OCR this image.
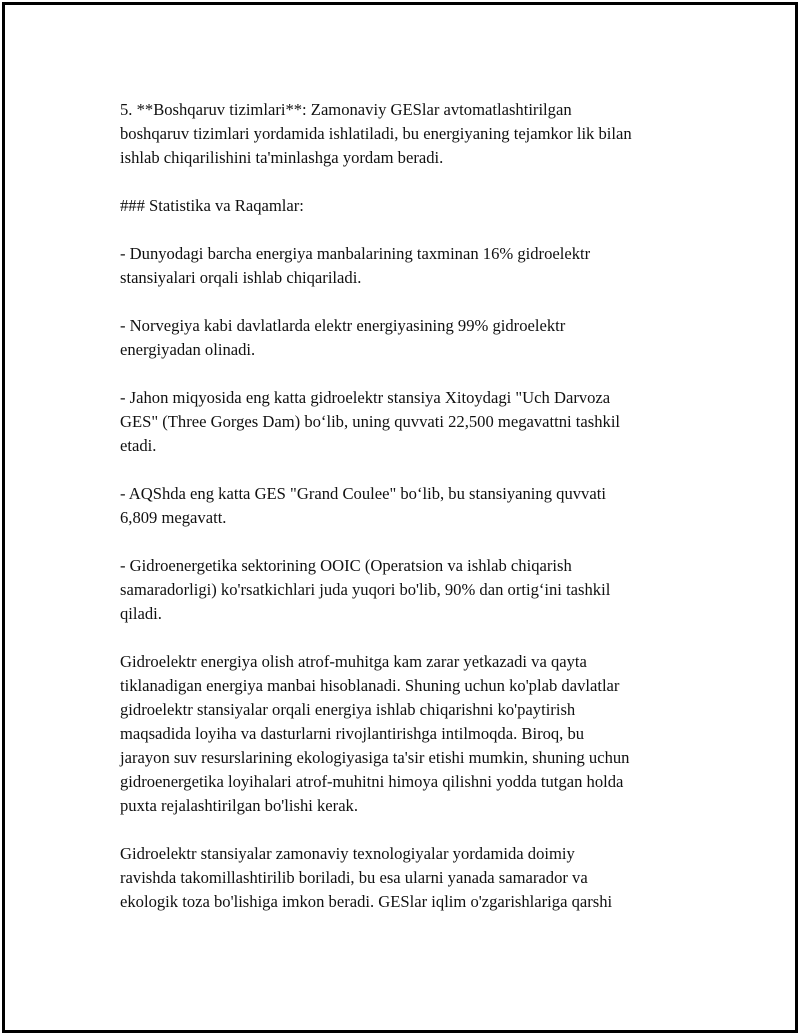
5. **Boshqaruv tizimlari**: Zamonaviy GESlar avtomatlashtirilgan
boshqaruv tizimlari yordamida ishlatiladi, bu energiyaning tejamkor lik bilan
ishlab chiqarilishini ta'minlashga yordam beradi.

### Statistika va Raqamlar:

- Dunyodagi barcha energiya manbalarining taxminan 16% gidroelektr
stansiyalari orqali ishlab chiqariladi.

- Norvegiya kabi davlatlarda elektr energiyasining 99% gidroelektr
energiyadan olinadi.

- Jahon miqyosida eng katta gidroelektr stansiya Xitoydagi "Uch Darvoza
GES" (Three Gorges Dam) bo‘lib, uning quvvati 22,500 megavattni tashkil
etadi.

- AQShda eng katta GES "Grand Coulee" bo‘lib, bu stansiyaning quvvati
6,809 megavatt.

- Gidroenergetika sektorining OOIC (Operatsion va ishlab chiqarish
samaradorligi) ko'rsatkichlari juda yuqori bo'lib, 90% dan ortig‘ini tashkil
qiladi.

Gidroelektr energiya olish atrof-muhitga kam zarar yetkazadi va qayta
tiklanadigan energiya manbai hisoblanadi. Shuning uchun ko'plab davlatlar
gidroelektr stansiyalar orqali energiya ishlab chiqarishni ko'paytirish
maqsadida loyiha va dasturlarni rivojlantirishga intilmoqda. Biroq, bu
jarayon suv resurslarining ekologiyasiga ta'sir etishi mumkin, shuning uchun
gidroenergetika loyihalari atrof-muhitni himoya qilishni yodda tutgan holda
puxta rejalashtirilgan bo'lishi kerak.

Gidroelektr stansiyalar zamonaviy texnologiyalar yordamida doimiy
ravishda takomillashtirilib boriladi, bu esa ularni yanada samarador va
ekologik toza bo'lishiga imkon beradi. GESlar iqlim o'zgarishlariga qarshi
